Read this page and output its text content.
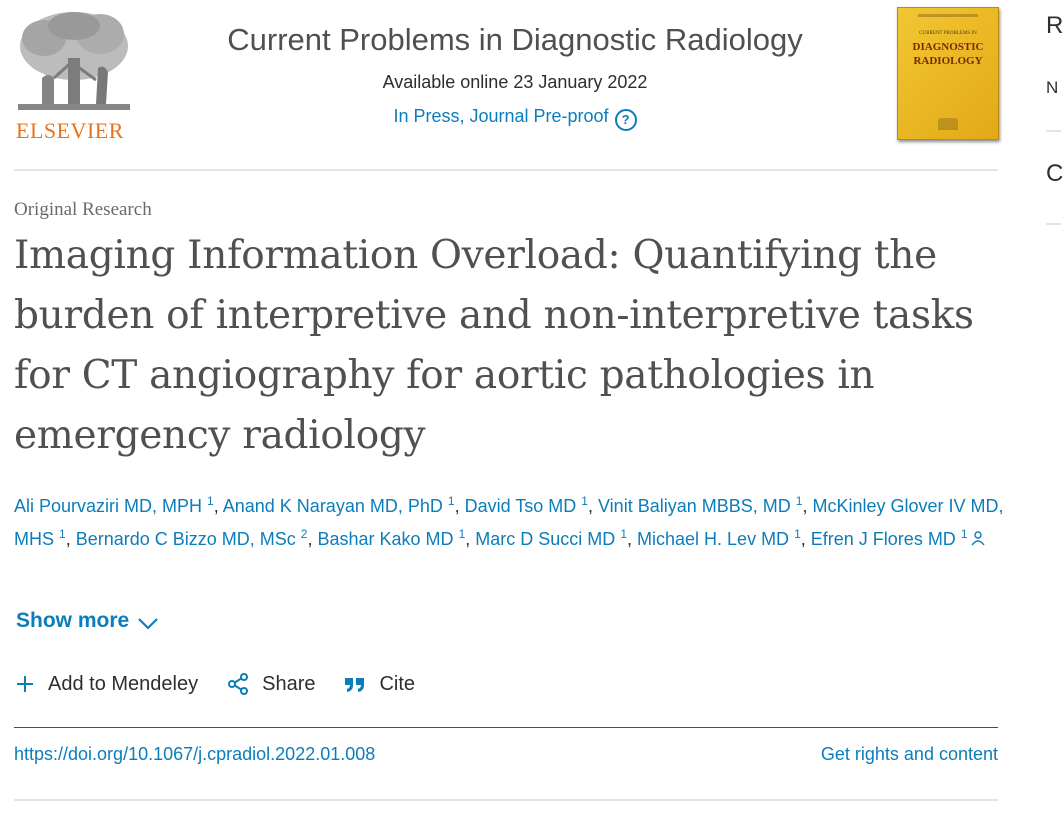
ELSEVIER
Current Problems in Diagnostic Radiology
Available online 23 January 2022
In Press, Journal Pre-proof ?
CURRENT PROBLEMS IN
DIAGNOSTIC
RADIOLOGY
Original Research
Imaging Information Overload: Quantifying the burden of interpretive and non-interpretive tasks for CT angiography for aortic pathologies in emergency radiology
Ali Pourvaziri MD, MPH $^1$, Anand K Narayan MD, PhD $^1$, David Tso MD $^1$, Vinit Baliyan MBBS, MD $^1$, McKinley Glover IV MD, MHS $^1$, Bernardo C Bizzo MD, MSc $^2$, Bashar Kako MD $^1$, Marc D Succi MD $^1$, Michael H. Lev MD $^1$, Efren J Flores MD $^1$
Show more
Add to Mendeley	Share	Cite
https://doi.org/10.1067/j.cpradiol.2022.01.008	Get rights and content
R
N
C
